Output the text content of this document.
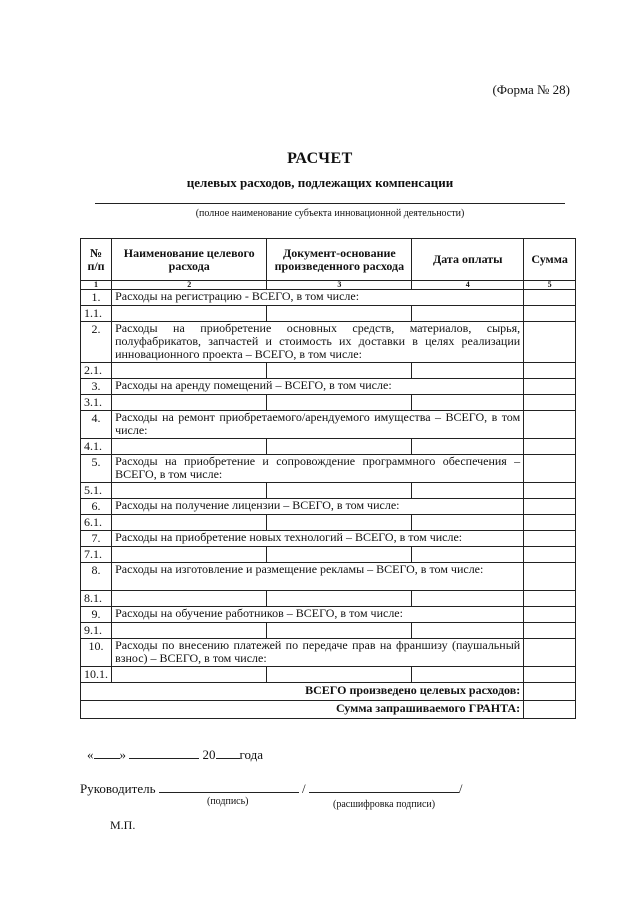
(Форма № 28)
РАСЧЕТ
целевых расходов, подлежащих компенсации
(полное наименование субъекта инновационной деятельности)
№ п/п	Наименование целевого расхода	Документ-основание произведенного расхода	Дата оплаты	Сумма
1	2	3	4	5
1.	Расходы на регистрацию - ВСЕГО, в том числе:			
1.1.				
2.	Расходы на приобретение основных средств, материалов, сырья, полуфабрикатов, запчастей и стоимость их доставки в целях реализации инновационного проекта – ВСЕГО, в том числе:			
2.1.				
3.	Расходы на аренду помещений – ВСЕГО, в том числе:			
3.1.				
4.	Расходы на ремонт приобретаемого/арендуемого имущества – ВСЕГО, в том числе:			
4.1.				
5.	Расходы на приобретение и сопровождение программного обеспечения – ВСЕГО, в том числе:			
5.1.				
6.	Расходы на получение лицензии – ВСЕГО, в том числе:			
6.1.				
7.	Расходы на приобретение новых технологий – ВСЕГО, в том числе:			
7.1.				
8.	Расходы на изготовление и размещение рекламы – ВСЕГО, в том числе:			
8.1.				
9.	Расходы на обучение работников – ВСЕГО, в том числе:			
9.1.				
10.	Расходы по внесению платежей по передаче прав на франшизу (паушальный взнос) – ВСЕГО, в том числе:			
10.1.				
ВСЕГО произведено целевых расходов:				
Сумма запрашиваемого ГРАНТА:				
« »	20 года
Руководитель	/	/
(подпись)	(расшифровка подписи)
М.П.
